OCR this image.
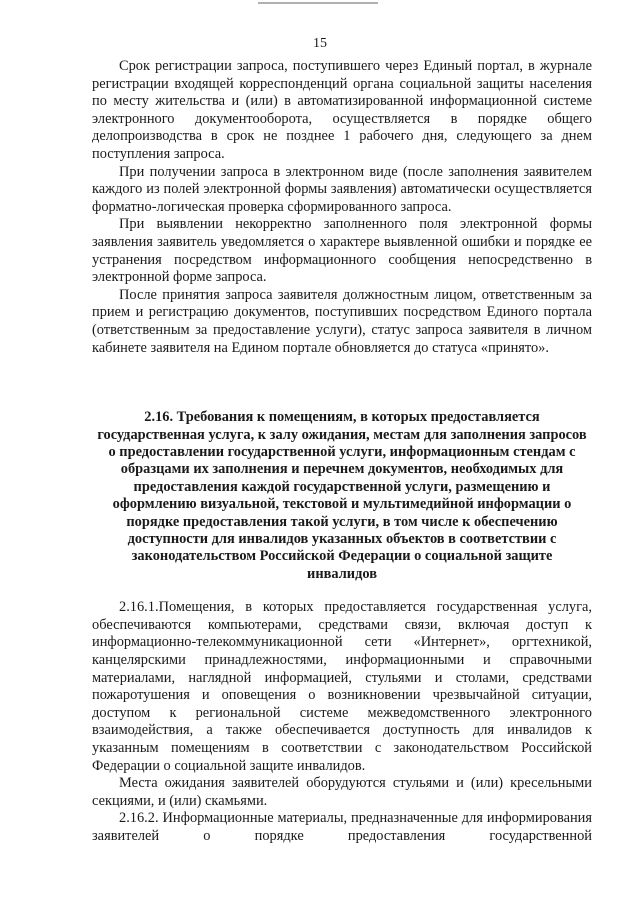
15

Срок регистрации запроса, поступившего через Единый портал, в журнале регистрации входящей корреспонденций органа социальной защиты населения по месту жительства и (или) в автоматизированной информационной системе электронного документооборота, осуществляется в порядке общего делопроизводства в срок не позднее 1 рабочего дня, следующего за днем поступления запроса.

При получении запроса в электронном виде (после заполнения заявителем каждого из полей электронной формы заявления) автоматически осуществляется форматно-логическая проверка сформированного запроса.

При выявлении некорректно заполненного поля электронной формы заявления заявитель уведомляется о характере выявленной ошибки и порядке ее устранения посредством информационного сообщения непосредственно в электронной форме запроса.

После принятия запроса заявителя должностным лицом, ответственным за прием и регистрацию документов, поступивших посредством Единого портала (ответственным за предоставление услуги), статус запроса заявителя в личном кабинете заявителя на Едином портале обновляется до статуса «принято».

2.16. Требования к помещениям, в которых предоставляется государственная услуга, к залу ожидания, местам для заполнения запросов о предоставлении государственной услуги, информационным стендам с образцами их заполнения и перечнем документов, необходимых для предоставления каждой государственной услуги, размещению и оформлению визуальной, текстовой и мультимедийной информации о порядке предоставления такой услуги, в том числе к обеспечению доступности для инвалидов указанных объектов в соответствии с законодательством Российской Федерации о социальной защите инвалидов

2.16.1.Помещения, в которых предоставляется государственная услуга, обеспечиваются компьютерами, средствами связи, включая доступ к информационно-телекоммуникационной сети «Интернет», оргтехникой, канцелярскими принадлежностями, информационными и справочными материалами, наглядной информацией, стульями и столами, средствами пожаротушения и оповещения о возникновении чрезвычайной ситуации, доступом к региональной системе межведомственного электронного взаимодействия, а также обеспечивается доступность для инвалидов к указанным помещениям в соответствии с законодательством Российской Федерации о социальной защите инвалидов.

Места ожидания заявителей оборудуются стульями и (или) кресельными секциями, и (или) скамьями.

2.16.2. Информационные материалы, предназначенные для информирования заявителей о порядке предоставления государственной
